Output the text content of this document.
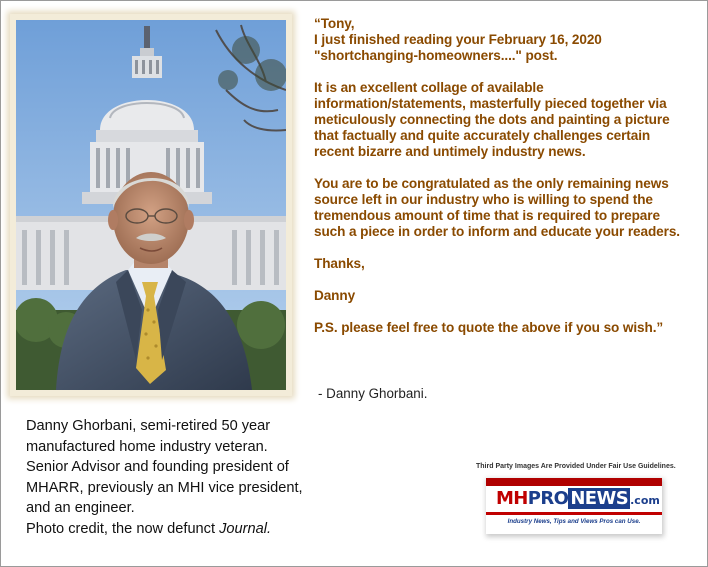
“Tony,

I just finished reading your February 16, 2020

"shortchanging-homeowners...." post.

It is an excellent collage of available

information/statements, masterfully pieced together via

meticulously connecting the dots and painting a picture

that factually and quite accurately challenges certain

recent bizarre and untimely industry news.

You are to be congratulated as the only remaining news

source left in our industry who is willing to spend the

tremendous amount of time that is required to prepare

such a piece in order to inform and educate your readers.

Thanks,

Danny

P.S. please feel free to quote the above if you so wish.”

- Danny Ghorbani.
Danny Ghorbani, semi-retired 50 year
manufactured home industry veteran.
Senior Advisor and founding president of
MHARR, previously an MHI vice president,
and an engineer.
Photo credit, the now defunct Journal.
Third Party Images Are Provided Under Fair Use Guidelines.
MHPRO NEWS .com
Industry News, Tips and Views Pros can Use.
